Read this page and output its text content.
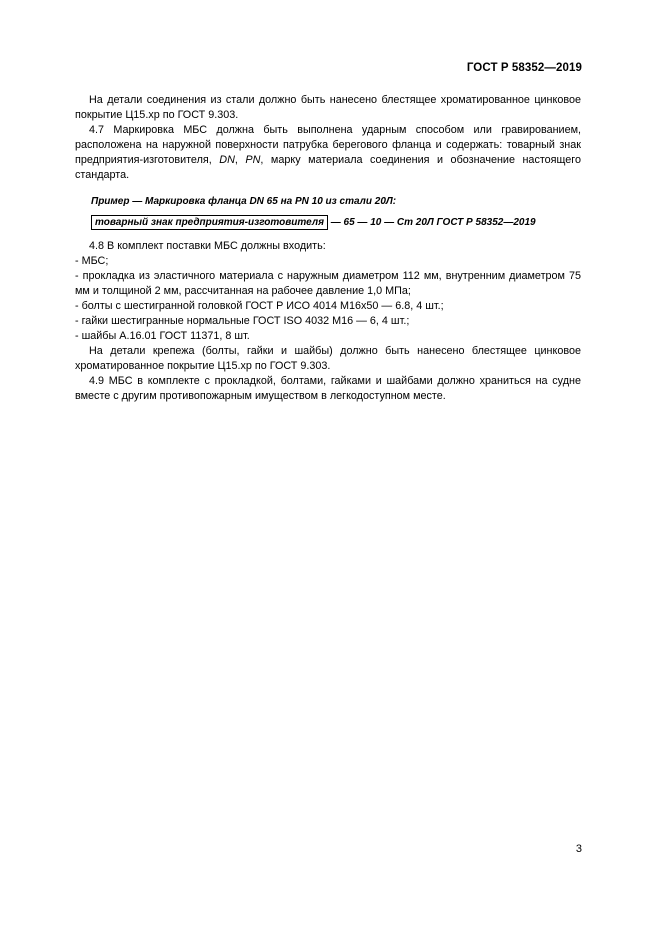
ГОСТ Р 58352—2019

На детали соединения из стали должно быть нанесено блестящее хроматированное цинковое покрытие Ц15.хр по ГОСТ 9.303.

4.7 Маркировка МБС должна быть выполнена ударным способом или гравированием, расположена на наружной поверхности патрубка берегового фланца и содержать: товарный знак предприятия-изготовителя, DN, PN, марку материала соединения и обозначение настоящего стандарта.

Пример — Маркировка фланца DN 65 на PN 10 из стали 20Л:

товарный знак предприятия-изготовителя — 65 — 10 — Ст 20Л ГОСТ Р 58352—2019

4.8 В комплект поставки МБС должны входить:

- МБС;

- прокладка из эластичного материала с наружным диаметром 112 мм, внутренним диаметром 75 мм и толщиной 2 мм, рассчитанная на рабочее давление 1,0 МПа;

- болты с шестигранной головкой ГОСТ Р ИСО 4014 М16х50 — 6.8, 4 шт.;

- гайки шестигранные нормальные ГОСТ ISO 4032 М16 — 6, 4 шт.;

- шайбы А.16.01 ГОСТ 11371, 8 шт.

На детали крепежа (болты, гайки и шайбы) должно быть нанесено блестящее цинковое хроматированное покрытие Ц15.хр по ГОСТ 9.303.

4.9 МБС в комплекте с прокладкой, болтами, гайками и шайбами должно храниться на судне вместе с другим противопожарным имуществом в легкодоступном месте.

3
